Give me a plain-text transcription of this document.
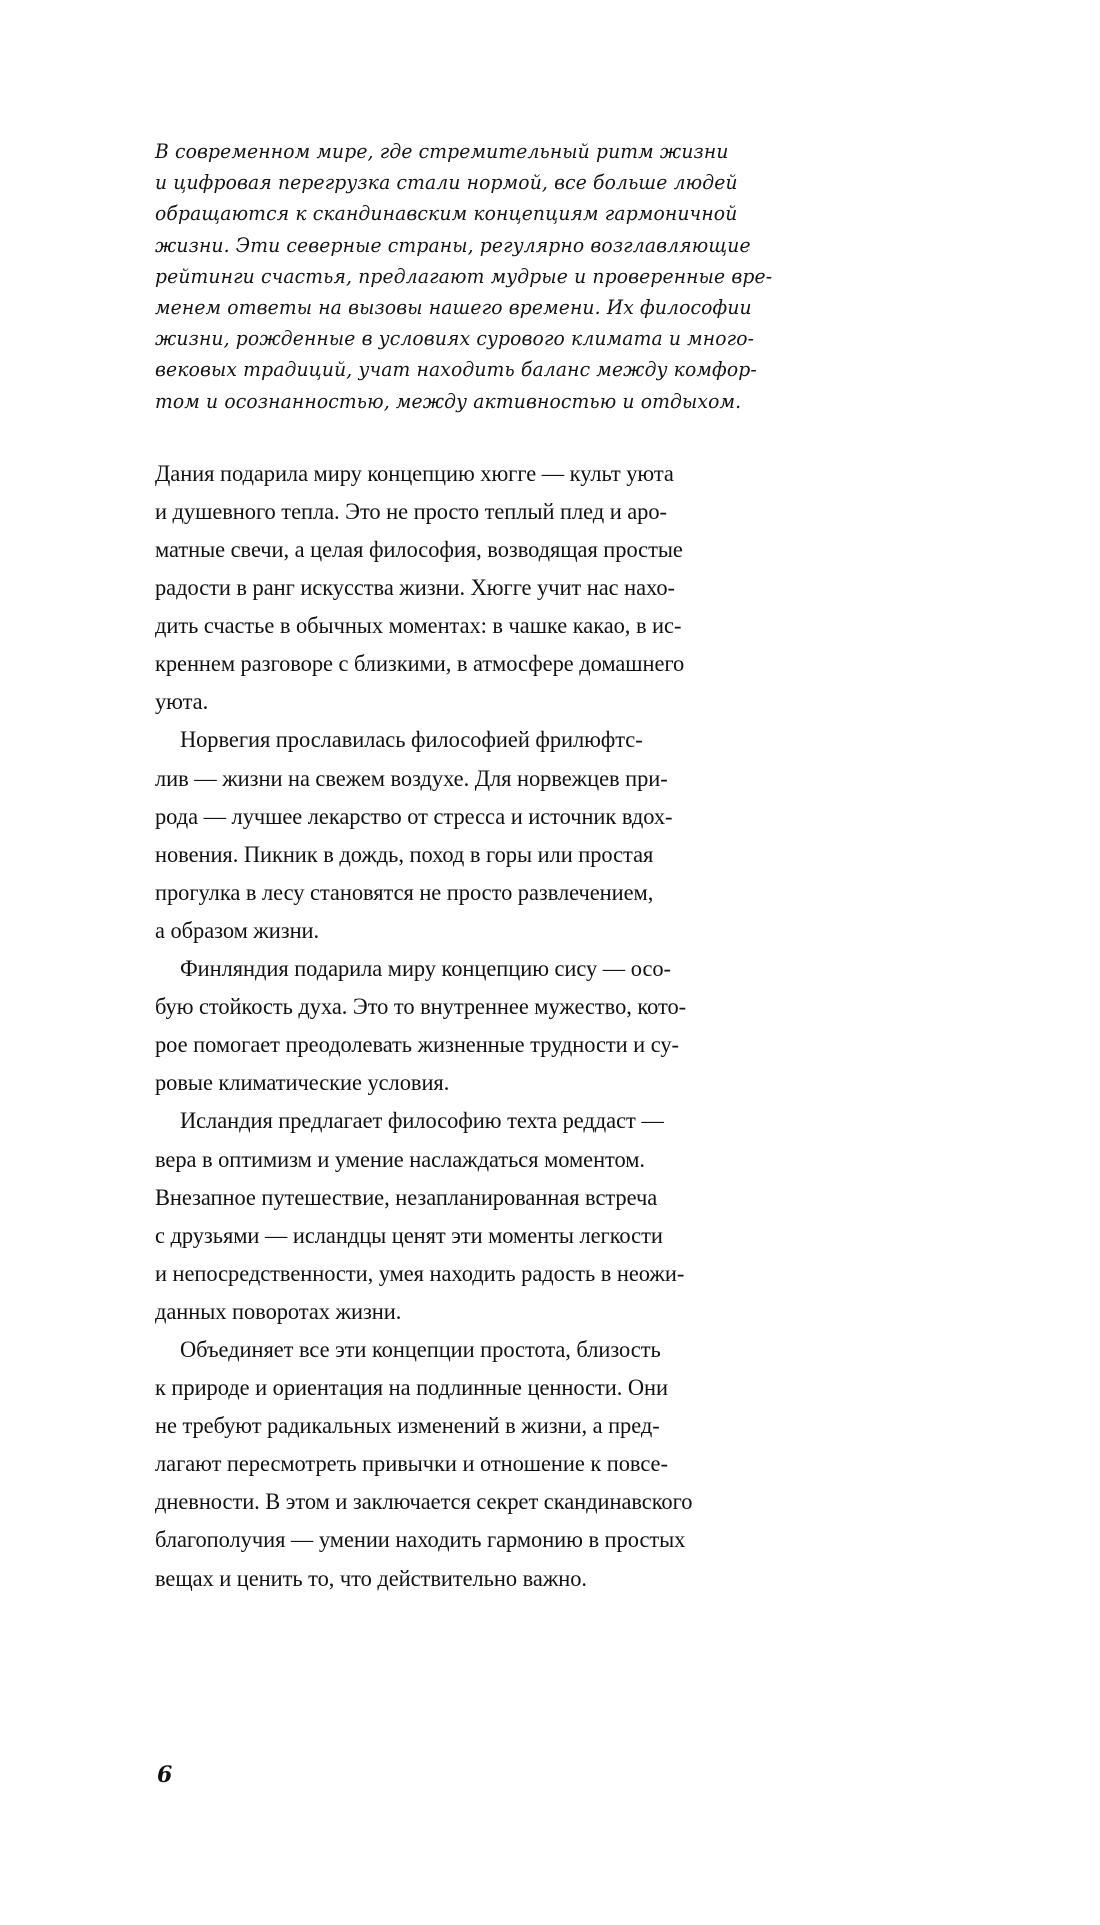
В современном мире, где стремительный ритм жизни
и цифровая перегрузка стали нормой, все больше людей
обращаются к скандинавским концепциям гармоничной
жизни. Эти северные страны, регулярно возглавляющие
рейтинги счастья, предлагают мудрые и проверенные вре-
менем ответы на вызовы нашего времени. Их философии
жизни, рожденные в условиях сурового климата и много-
вековых традиций, учат находить баланс между комфор-
том и осознанностью, между активностью и отдыхом.

Дания подарила миру концепцию хюгге — культ уюта
и душевного тепла. Это не просто теплый плед и аро-
матные свечи, а целая философия, возводящая простые
радости в ранг искусства жизни. Хюгге учит нас нахо-
дить счастье в обычных моментах: в чашке какао, в ис-
креннем разговоре с близкими, в атмосфере домашнего
уюта.

Норвегия прославилась философией фрилюфтс-
лив — жизни на свежем воздухе. Для норвежцев при-
рода — лучшее лекарство от стресса и источник вдох-
новения. Пикник в дождь, поход в горы или простая
прогулка в лесу становятся не просто развлечением,
а образом жизни.

Финляндия подарила миру концепцию сису — осо-
бую стойкость духа. Это то внутреннее мужество, кото-
рое помогает преодолевать жизненные трудности и су-
ровые климатические условия.

Исландия предлагает философию техта реддаст —
вера в оптимизм и умение наслаждаться моментом.
Внезапное путешествие, незапланированная встреча
с друзьями — исландцы ценят эти моменты легкости
и непосредственности, умея находить радость в неожи-
данных поворотах жизни.

Объединяет все эти концепции простота, близость
к природе и ориентация на подлинные ценности. Они
не требуют радикальных изменений в жизни, а пред-
лагают пересмотреть привычки и отношение к повсе-
дневности. В этом и заключается секрет скандинавского
благополучия — умении находить гармонию в простых
вещах и ценить то, что действительно важно.

6
